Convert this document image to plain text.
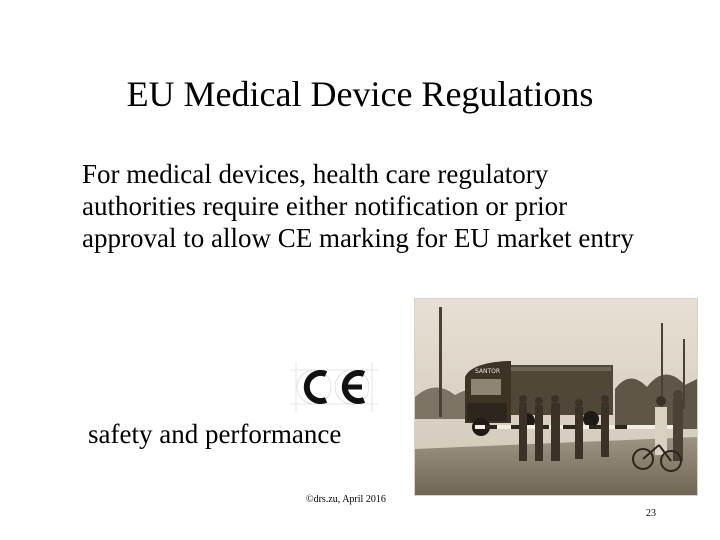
EU Medical Device Regulations
For medical devices, health care regulatory authorities require either notification or prior approval to allow CE marking for EU market entry
safety and performance
SANTOR
©drs.zu, April 2016
23
